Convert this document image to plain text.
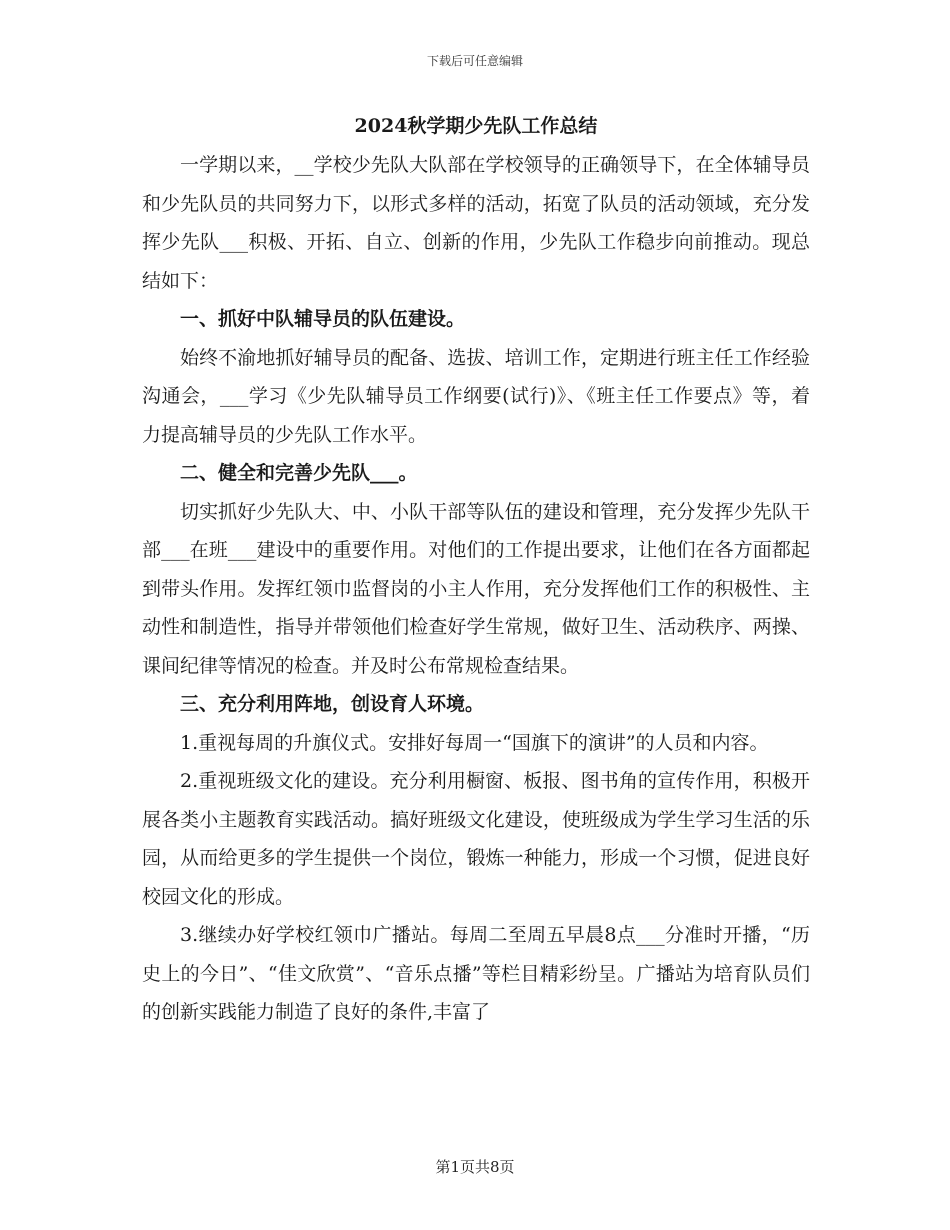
下载后可任意编辑
2024秋学期少先队工作总结

一学期以来，__学校少先队大队部在学校领导的正确领导下，在全体辅导员和少先队员的共同努力下，以形式多样的活动，拓宽了队员的活动领域，充分发挥少先队___积极、开拓、自立、创新的作用，少先队工作稳步向前推动。现总结如下：

一、抓好中队辅导员的队伍建设。

始终不渝地抓好辅导员的配备、选拔、培训工作，定期进行班主任工作经验沟通会，___学习《少先队辅导员工作纲要(试行)》、《班主任工作要点》等，着力提高辅导员的少先队工作水平。

二、健全和完善少先队___。

切实抓好少先队大、中、小队干部等队伍的建设和管理，充分发挥少先队干部___在班___建设中的重要作用。对他们的工作提出要求，让他们在各方面都起到带头作用。发挥红领巾监督岗的小主人作用，充分发挥他们工作的积极性、主动性和制造性，指导并带领他们检查好学生常规，做好卫生、活动秩序、两操、课间纪律等情况的检查。并及时公布常规检查结果。

三、充分利用阵地，创设育人环境。

1.重视每周的升旗仪式。安排好每周一“国旗下的演讲”的人员和内容。

2.重视班级文化的建设。充分利用橱窗、板报、图书角的宣传作用，积极开展各类小主题教育实践活动。搞好班级文化建设，使班级成为学生学习生活的乐园，从而给更多的学生提供一个岗位，锻炼一种能力，形成一个习惯，促进良好校园文化的形成。

3.继续办好学校红领巾广播站。每周二至周五早晨8点___分准时开播，“历史上的今日”、“佳文欣赏”、“音乐点播”等栏目精彩纷呈。广播站为培育队员们的创新实践能力制造了良好的条件,丰富了

第1页共8页
